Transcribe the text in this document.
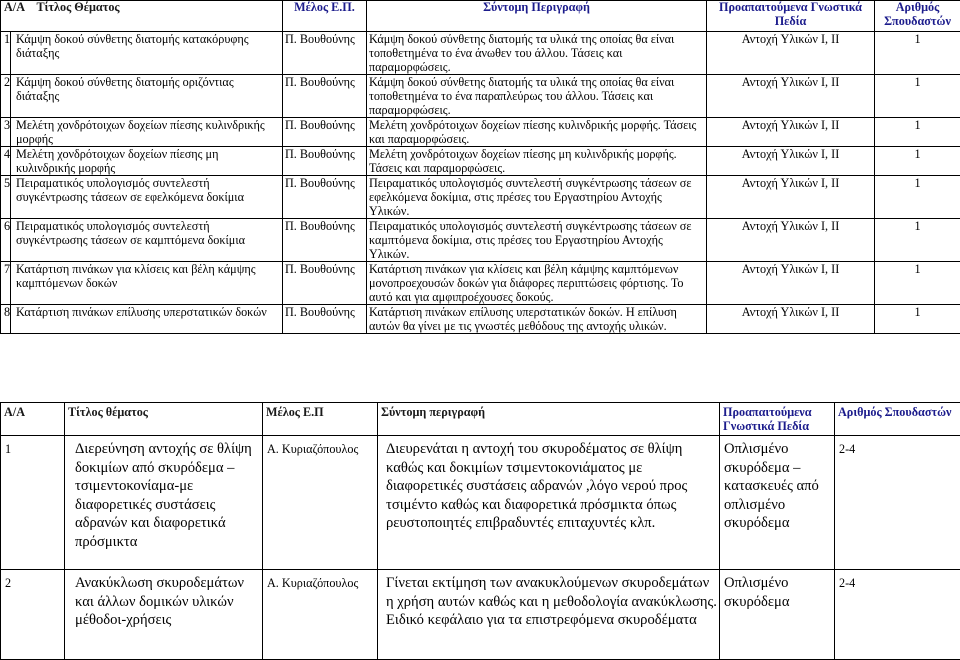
Α/Α Τίτλος Θέματος		Μέλος Ε.Π.	Σύντομη Περιγραφή	Προαπαιτούμενα Γνωστικά Πεδία	Αριθμός Σπουδαστών
1	Κάμψη δοκού σύνθετης διατομής κατακόρυφης διάταξης	Π. Βουθούνης	Κάμψη δοκού σύνθετης διατομής τα υλικά της οποίας θα είναι τοποθετημένα το ένα άνωθεν του άλλου. Τάσεις και παραμορφώσεις.	Αντοχή Υλικών Ι, ΙΙ	1
2	Κάμψη δοκού σύνθετης διατομής οριζόντιας διάταξης	Π. Βουθούνης	Κάμψη δοκού σύνθετης διατομής τα υλικά της οποίας θα είναι τοποθετημένα το ένα παραπλεύρως του άλλου. Τάσεις και παραμορφώσεις.	Αντοχή Υλικών Ι, ΙΙ	1
3	Μελέτη χονδρότοιχων δοχείων πίεσης κυλινδρικής μορφής	Π. Βουθούνης	Μελέτη χονδρότοιχων δοχείων πίεσης κυλινδρικής μορφής. Τάσεις και παραμορφώσεις.	Αντοχή Υλικών Ι, ΙΙ	1
4	Μελέτη χονδρότοιχων δοχείων πίεσης μη κυλινδρικής μορφής	Π. Βουθούνης	Μελέτη χονδρότοιχων δοχείων πίεσης μη κυλινδρικής μορφής. Τάσεις και παραμορφώσεις.	Αντοχή Υλικών Ι, ΙΙ	1
5	Πειραματικός υπολογισμός συντελεστή συγκέντρωσης τάσεων σε εφελκόμενα δοκίμια	Π. Βουθούνης	Πειραματικός υπολογισμός συντελεστή συγκέντρωσης τάσεων σε εφελκόμενα δοκίμια, στις πρέσες του Εργαστηρίου Αντοχής Υλικών.	Αντοχή Υλικών Ι, ΙΙ	1
6	Πειραματικός υπολογισμός συντελεστή συγκέντρωσης τάσεων σε καμπτόμενα δοκίμια	Π. Βουθούνης	Πειραματικός υπολογισμός συντελεστή συγκέντρωσης τάσεων σε καμπτόμενα δοκίμια, στις πρέσες του Εργαστηρίου Αντοχής Υλικών.	Αντοχή Υλικών Ι, ΙΙ	1
7	Κατάρτιση πινάκων για κλίσεις και βέλη κάμψης καμπτόμενων δοκών	Π. Βουθούνης	Κατάρτιση πινάκων για κλίσεις και βέλη κάμψης καμπτόμενων μονοπροεχουσών δοκών για διάφορες περιπτώσεις φόρτισης. Το αυτό και για αμφιπροέχουσες δοκούς.	Αντοχή Υλικών Ι, ΙΙ	1
8	Κατάρτιση πινάκων επίλυσης υπερστατικών δοκών	Π. Βουθούνης	Κατάρτιση πινάκων επίλυσης υπερστατικών δοκών. Η επίλυση αυτών θα γίνει με τις γνωστές μεθόδους της αντοχής υλικών.	Αντοχή Υλικών Ι, ΙΙ	1
Α/Α	Τίτλος θέματος	Μέλος Ε.Π	Σύντομη περιγραφή	Προαπαιτούμενα Γνωστικά Πεδία	Αριθμός Σπουδαστών
1	Διερεύνηση αντοχής σε θλίψη δοκιμίων από σκυρόδεμα – τσιμεντοκονίαμα-με διαφορετικές συστάσεις αδρανών και διαφορετικά πρόσμικτα	Α. Κυριαζόπουλος	Διευρενάται η αντοχή του σκυροδέματος σε θλίψη καθώς και δοκιμίων τσιμεντοκονιάματος με διαφορετικές συστάσεις αδρανών ,λόγο νερού προς τσιμέντο καθώς και διαφορετικά πρόσμικτα όπως ρευστοποιητές επιβραδυντές επιταχυντές κλπ.	Οπλισμένο σκυρόδεμα – κατασκευές από οπλισμένο σκυρόδεμα	2-4
2	Ανακύκλωση σκυροδεμάτων και άλλων δομικών υλικών μέθοδοι-χρήσεις	Α. Κυριαζόπουλος	Γίνεται εκτίμηση των ανακυκλούμενων σκυροδεμάτων η χρήση αυτών καθώς και η μεθοδολογία ανακύκλωσης. Ειδικό κεφάλαιο για τα επιστρεφόμενα σκυροδέματα	Οπλισμένο σκυρόδεμα	2-4
